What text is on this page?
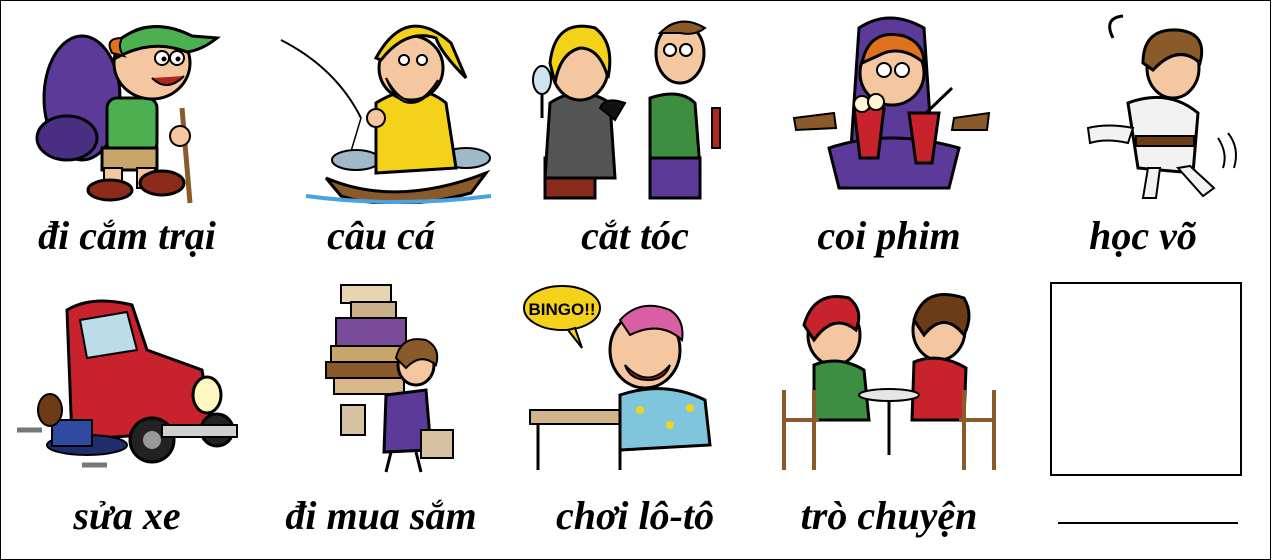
đi cắm trại	câu cá	cắt tóc	coi phim	học võ
sửa xe	đi mua sắm
BINGO!!
chơi lô-tô	trò chuyện
